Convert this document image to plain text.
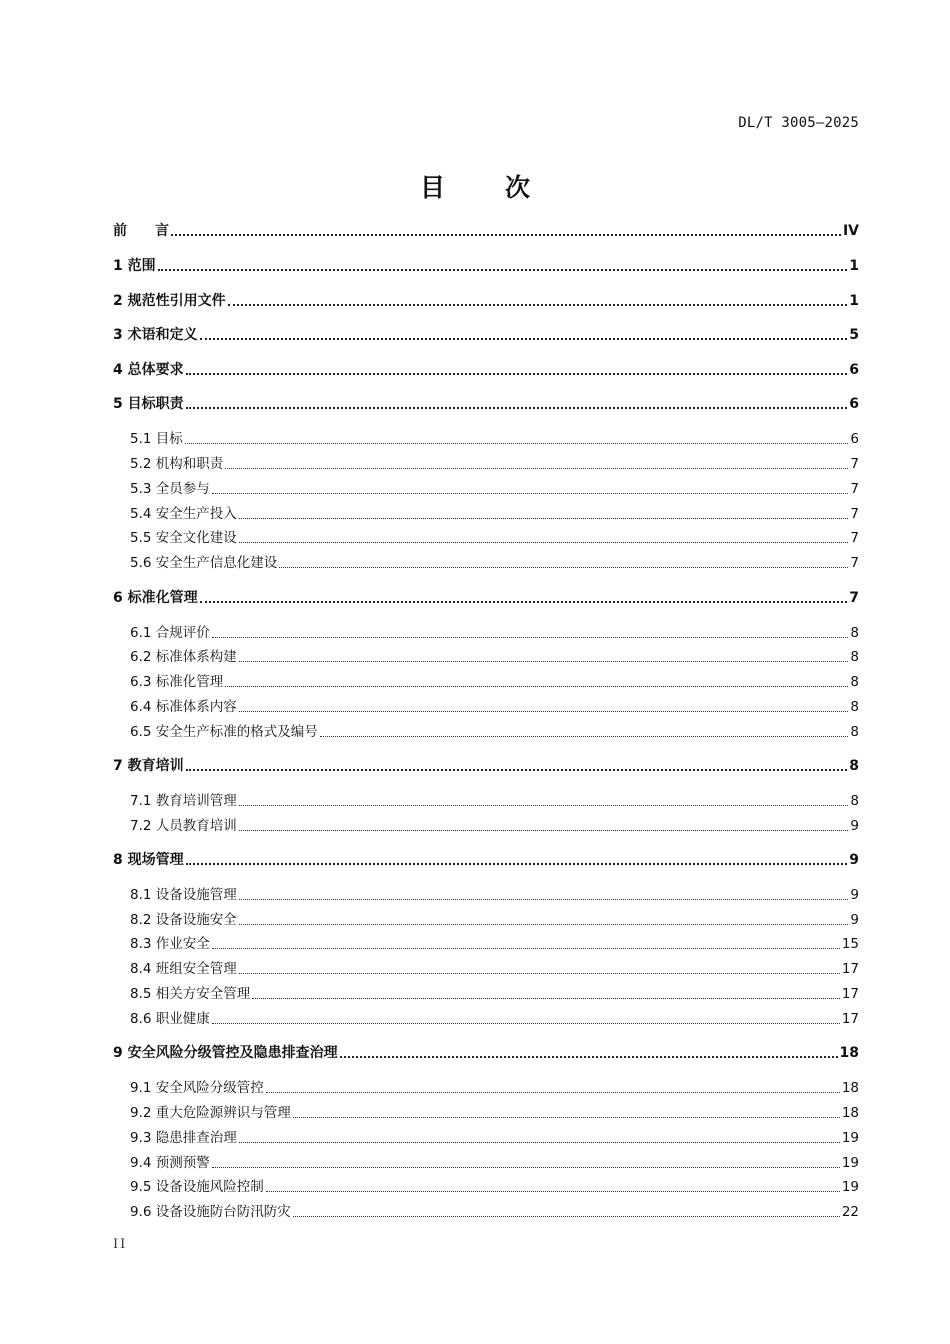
DL/T 3005—2025
目次
前　　言	IV
1 范围	1
2 规范性引用文件	1
3 术语和定义	5
4 总体要求	6
5 目标职责	6
5.1 目标	6
5.2 机构和职责	7
5.3 全员参与	7
5.4 安全生产投入	7
5.5 安全文化建设	7
5.6 安全生产信息化建设	7
6 标准化管理	7
6.1 合规评价	8
6.2 标准体系构建	8
6.3 标准化管理	8
6.4 标准体系内容	8
6.5 安全生产标准的格式及编号	8
7 教育培训	8
7.1 教育培训管理	8
7.2 人员教育培训	9
8 现场管理	9
8.1 设备设施管理	9
8.2 设备设施安全	9
8.3 作业安全	15
8.4 班组安全管理	17
8.5 相关方安全管理	17
8.6 职业健康	17
9 安全风险分级管控及隐患排查治理	18
9.1 安全风险分级管控	18
9.2 重大危险源辨识与管理	18
9.3 隐患排查治理	19
9.4 预测预警	19
9.5 设备设施风险控制	19
9.6 设备设施防台防汛防灾	22
II
